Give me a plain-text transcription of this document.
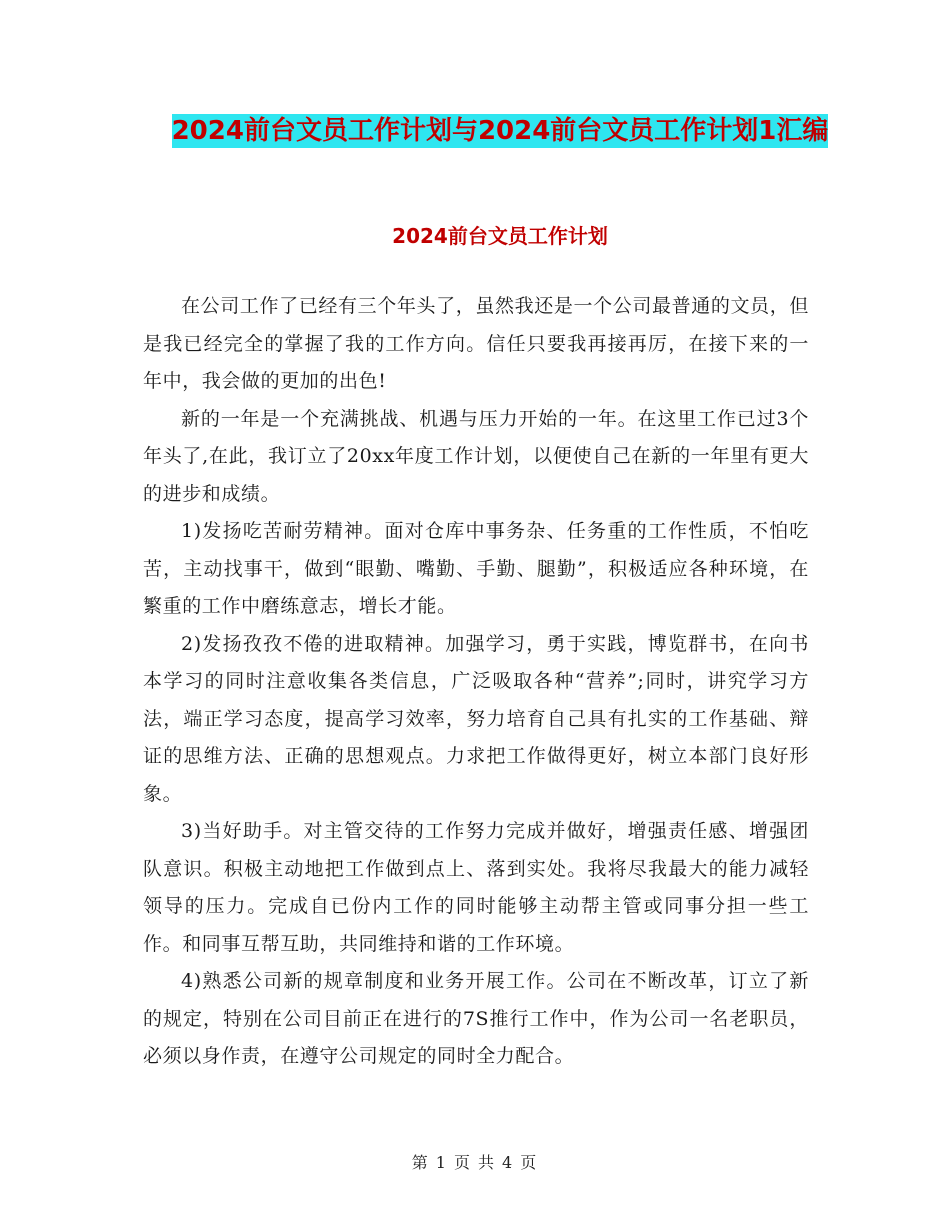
2024前台文员工作计划与2024前台文员工作计划1汇编
2024前台文员工作计划

在公司工作了已经有三个年头了，虽然我还是一个公司最普通的文员，但是我已经完全的掌握了我的工作方向。信任只要我再接再厉，在接下来的一年中，我会做的更加的出色!

新的一年是一个充满挑战、机遇与压力开始的一年。在这里工作已过3个年头了,在此，我订立了20xx年度工作计划，以便使自己在新的一年里有更大的进步和成绩。

1)发扬吃苦耐劳精神。面对仓库中事务杂、任务重的工作性质，不怕吃苦，主动找事干，做到“眼勤、嘴勤、手勤、腿勤”，积极适应各种环境，在繁重的工作中磨练意志，增长才能。

2)发扬孜孜不倦的进取精神。加强学习，勇于实践，博览群书，在向书本学习的同时注意收集各类信息，广泛吸取各种“营养”;同时，讲究学习方法，端正学习态度，提高学习效率，努力培育自己具有扎实的工作基础、辩证的思维方法、正确的思想观点。力求把工作做得更好，树立本部门良好形象。

3)当好助手。对主管交待的工作努力完成并做好，增强责任感、增强团队意识。积极主动地把工作做到点上、落到实处。我将尽我最大的能力减轻领导的压力。完成自已份内工作的同时能够主动帮主管或同事分担一些工作。和同事互帮互助，共同维持和谐的工作环境。

4)熟悉公司新的规章制度和业务开展工作。公司在不断改革，订立了新的规定，特别在公司目前正在进行的7S推行工作中，作为公司一名老职员，必须以身作责，在遵守公司规定的同时全力配合。

第 1 页 共 4 页
